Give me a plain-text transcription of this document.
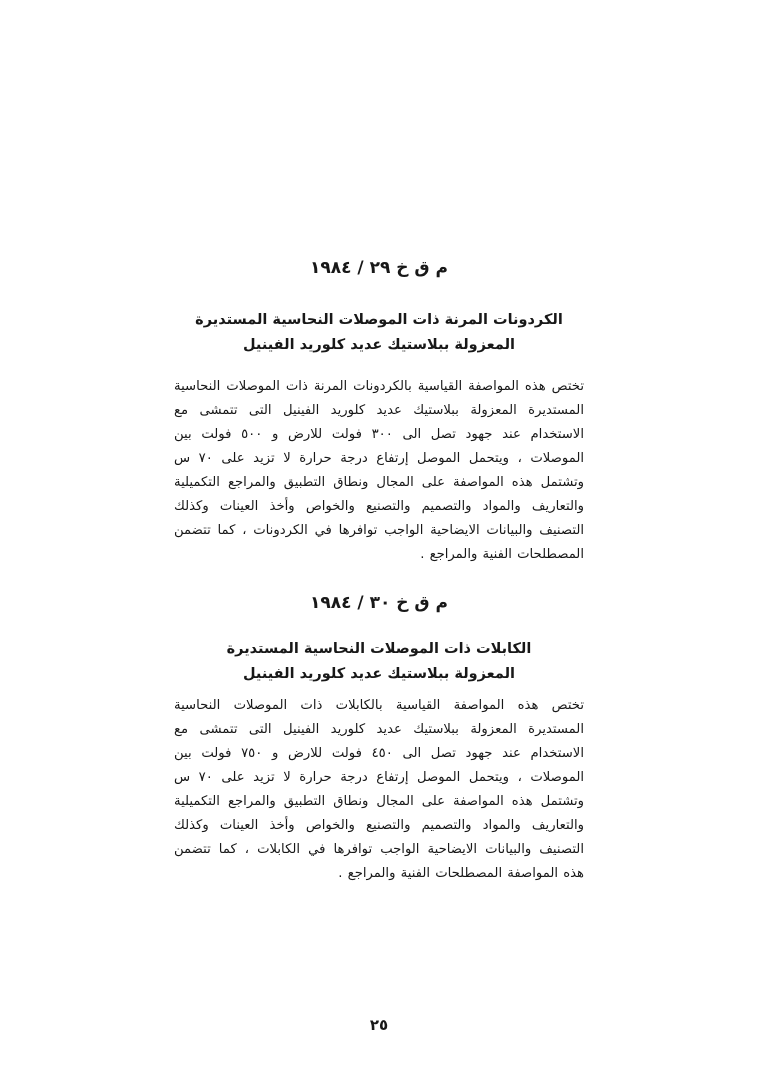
م ق خ ٢٩ / ١٩٨٤
الكردونات المرنة ذات الموصلات النحاسية المستديرة
المعزولة ببلاستيك عديد كلوريد الفينيل

تختص هذه المواصفة القياسية بالكردونات المرنة ذات الموصلات النحاسية المستديرة المعزولة ببلاستيك عديد كلوريد الفينيل التى تتمشى مع الاستخدام عند جهود تصل الى ٣٠٠ فولت للارض و ٥٠٠ فولت بين الموصلات ، ويتحمل الموصل إرتفاع درجة حرارة لا تزيد على ٧٠ س وتشتمل هذه المواصفة على المجال ونطاق التطبيق والمراجع التكميلية والتعاريف والمواد والتصميم والتصنيع والخواص وأخذ العينات وكذلك التصنيف والبيانات الايضاحية الواجب توافرها في الكردونات ، كما تتضمن المصطلحات الفنية والمراجع .

م ق خ ٣٠ / ١٩٨٤
الكابلات ذات الموصلات النحاسية المستديرة
المعزولة ببلاستيك عديد كلوريد الفينيل

تختص هذه المواصفة القياسية بالكابلات ذات الموصلات النحاسية المستديرة المعزولة ببلاستيك عديد كلوريد الفينيل التى تتمشى مع الاستخدام عند جهود تصل الى ٤٥٠ فولت للارض و ٧٥٠ فولت بين الموصلات ، ويتحمل الموصل إرتفاع درجة حرارة لا تزيد على ٧٠ س وتشتمل هذه المواصفة على المجال ونطاق التطبيق والمراجع التكميلية والتعاريف والمواد والتصميم والتصنيع والخواص وأخذ العينات وكذلك التصنيف والبيانات الايضاحية الواجب توافرها في الكابلات ، كما تتضمن هذه المواصفة المصطلحات الفنية والمراجع .

٢٥
